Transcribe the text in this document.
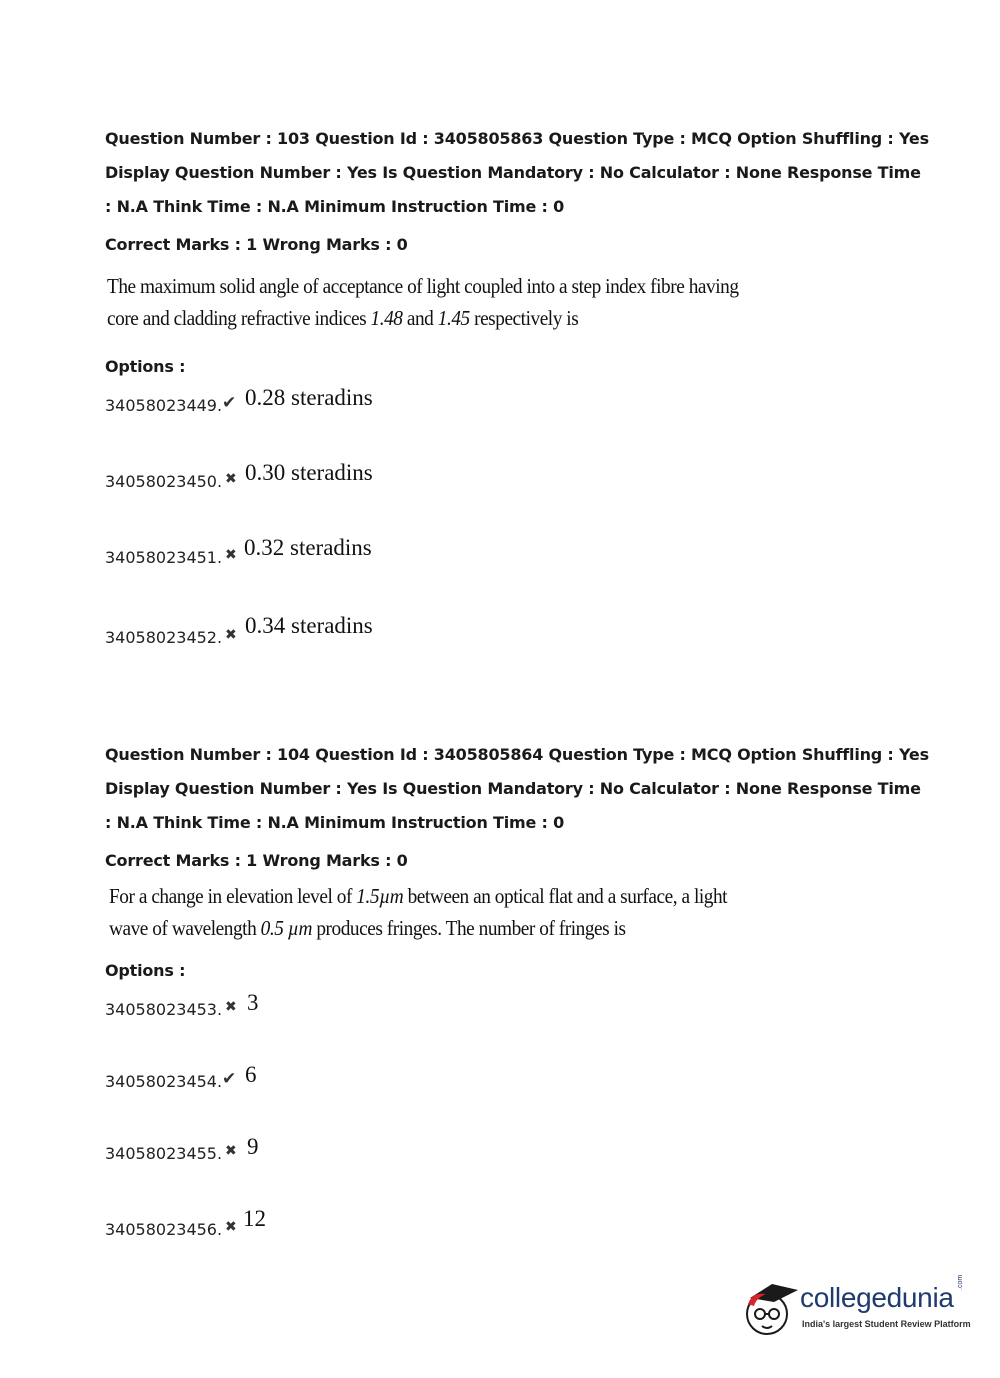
Question Number : 103 Question Id : 3405805863 Question Type : MCQ Option Shuffling : Yes
Display Question Number : Yes Is Question Mandatory : No Calculator : None Response Time
: N.A Think Time : N.A Minimum Instruction Time : 0
Correct Marks : 1 Wrong Marks : 0
The maximum solid angle of acceptance of light coupled into a step index fibre having
core and cladding refractive indices 1.48 and 1.45 respectively is
Options :
34058023449. ✔ 0.28 steradins
34058023450. ✖ 0.30 steradins
34058023451. ✖ 0.32 steradins
34058023452. ✖ 0.34 steradins
Question Number : 104 Question Id : 3405805864 Question Type : MCQ Option Shuffling : Yes
Display Question Number : Yes Is Question Mandatory : No Calculator : None Response Time
: N.A Think Time : N.A Minimum Instruction Time : 0
Correct Marks : 1 Wrong Marks : 0
For a change in elevation level of 1.5µm between an optical flat and a surface, a light
wave of wavelength 0.5 µm produces fringes. The number of fringes is
Options :
34058023453. ✖ 3
34058023454. ✔ 6
34058023455. ✖ 9
34058023456. ✖ 12
collegedunia .com
India's largest Student Review Platform
